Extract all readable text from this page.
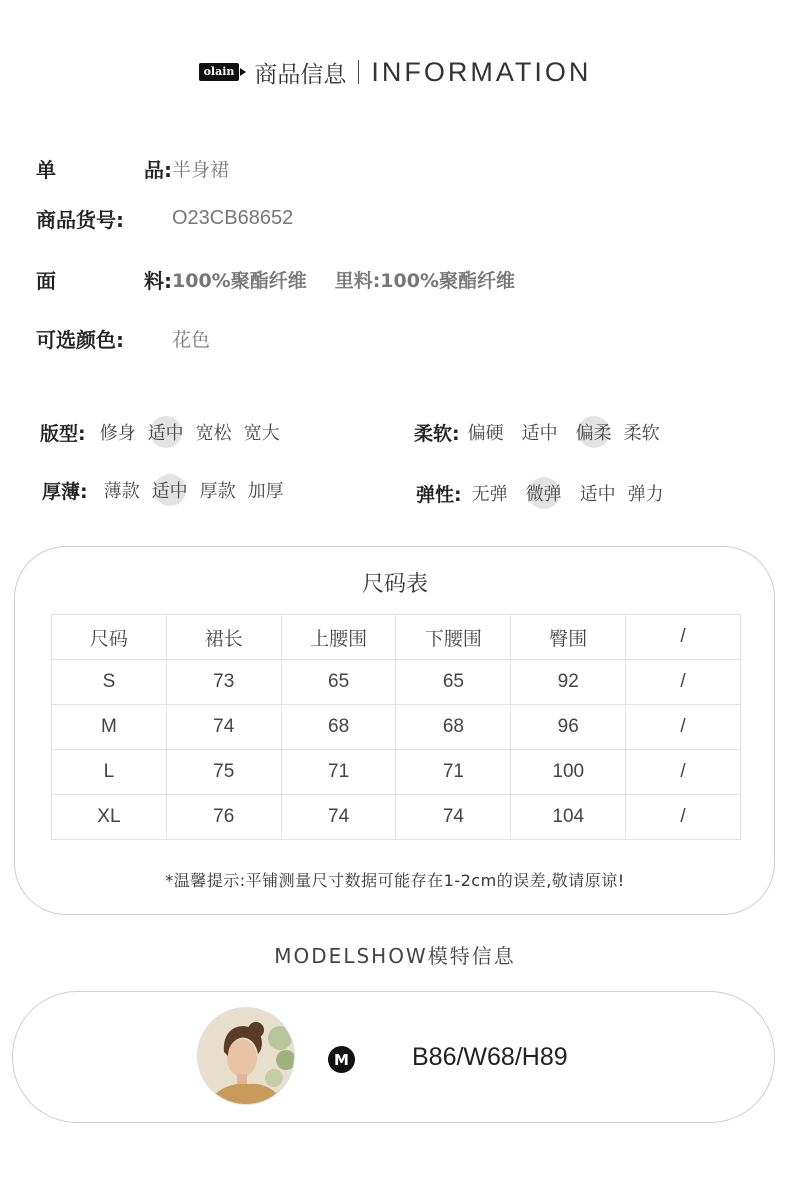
olain 商品信息 INFORMATION
单	品: 半身裙
商品货号:	O23CB68652
面	料: 100%聚酯纤维 里料:100%聚酯纤维
可选颜色:	花色
版型: 修身 适中 宽松 宽大	柔软: 偏硬 适中 偏柔 柔软
厚薄: 薄款 适中 厚款 加厚	弹性: 无弹 微弹 适中 弹力
尺码表
尺码	裙长	上腰围	下腰围	臀围	/
S	73	65	65	92	/
M	74	68	68	96	/
L	75	71	71	100	/
XL	76	74	74	104	/
*温馨提示:平铺测量尺寸数据可能存在1-2cm的误差,敬请原谅!
MODELSHOW模特信息
M	B86/W68/H89
